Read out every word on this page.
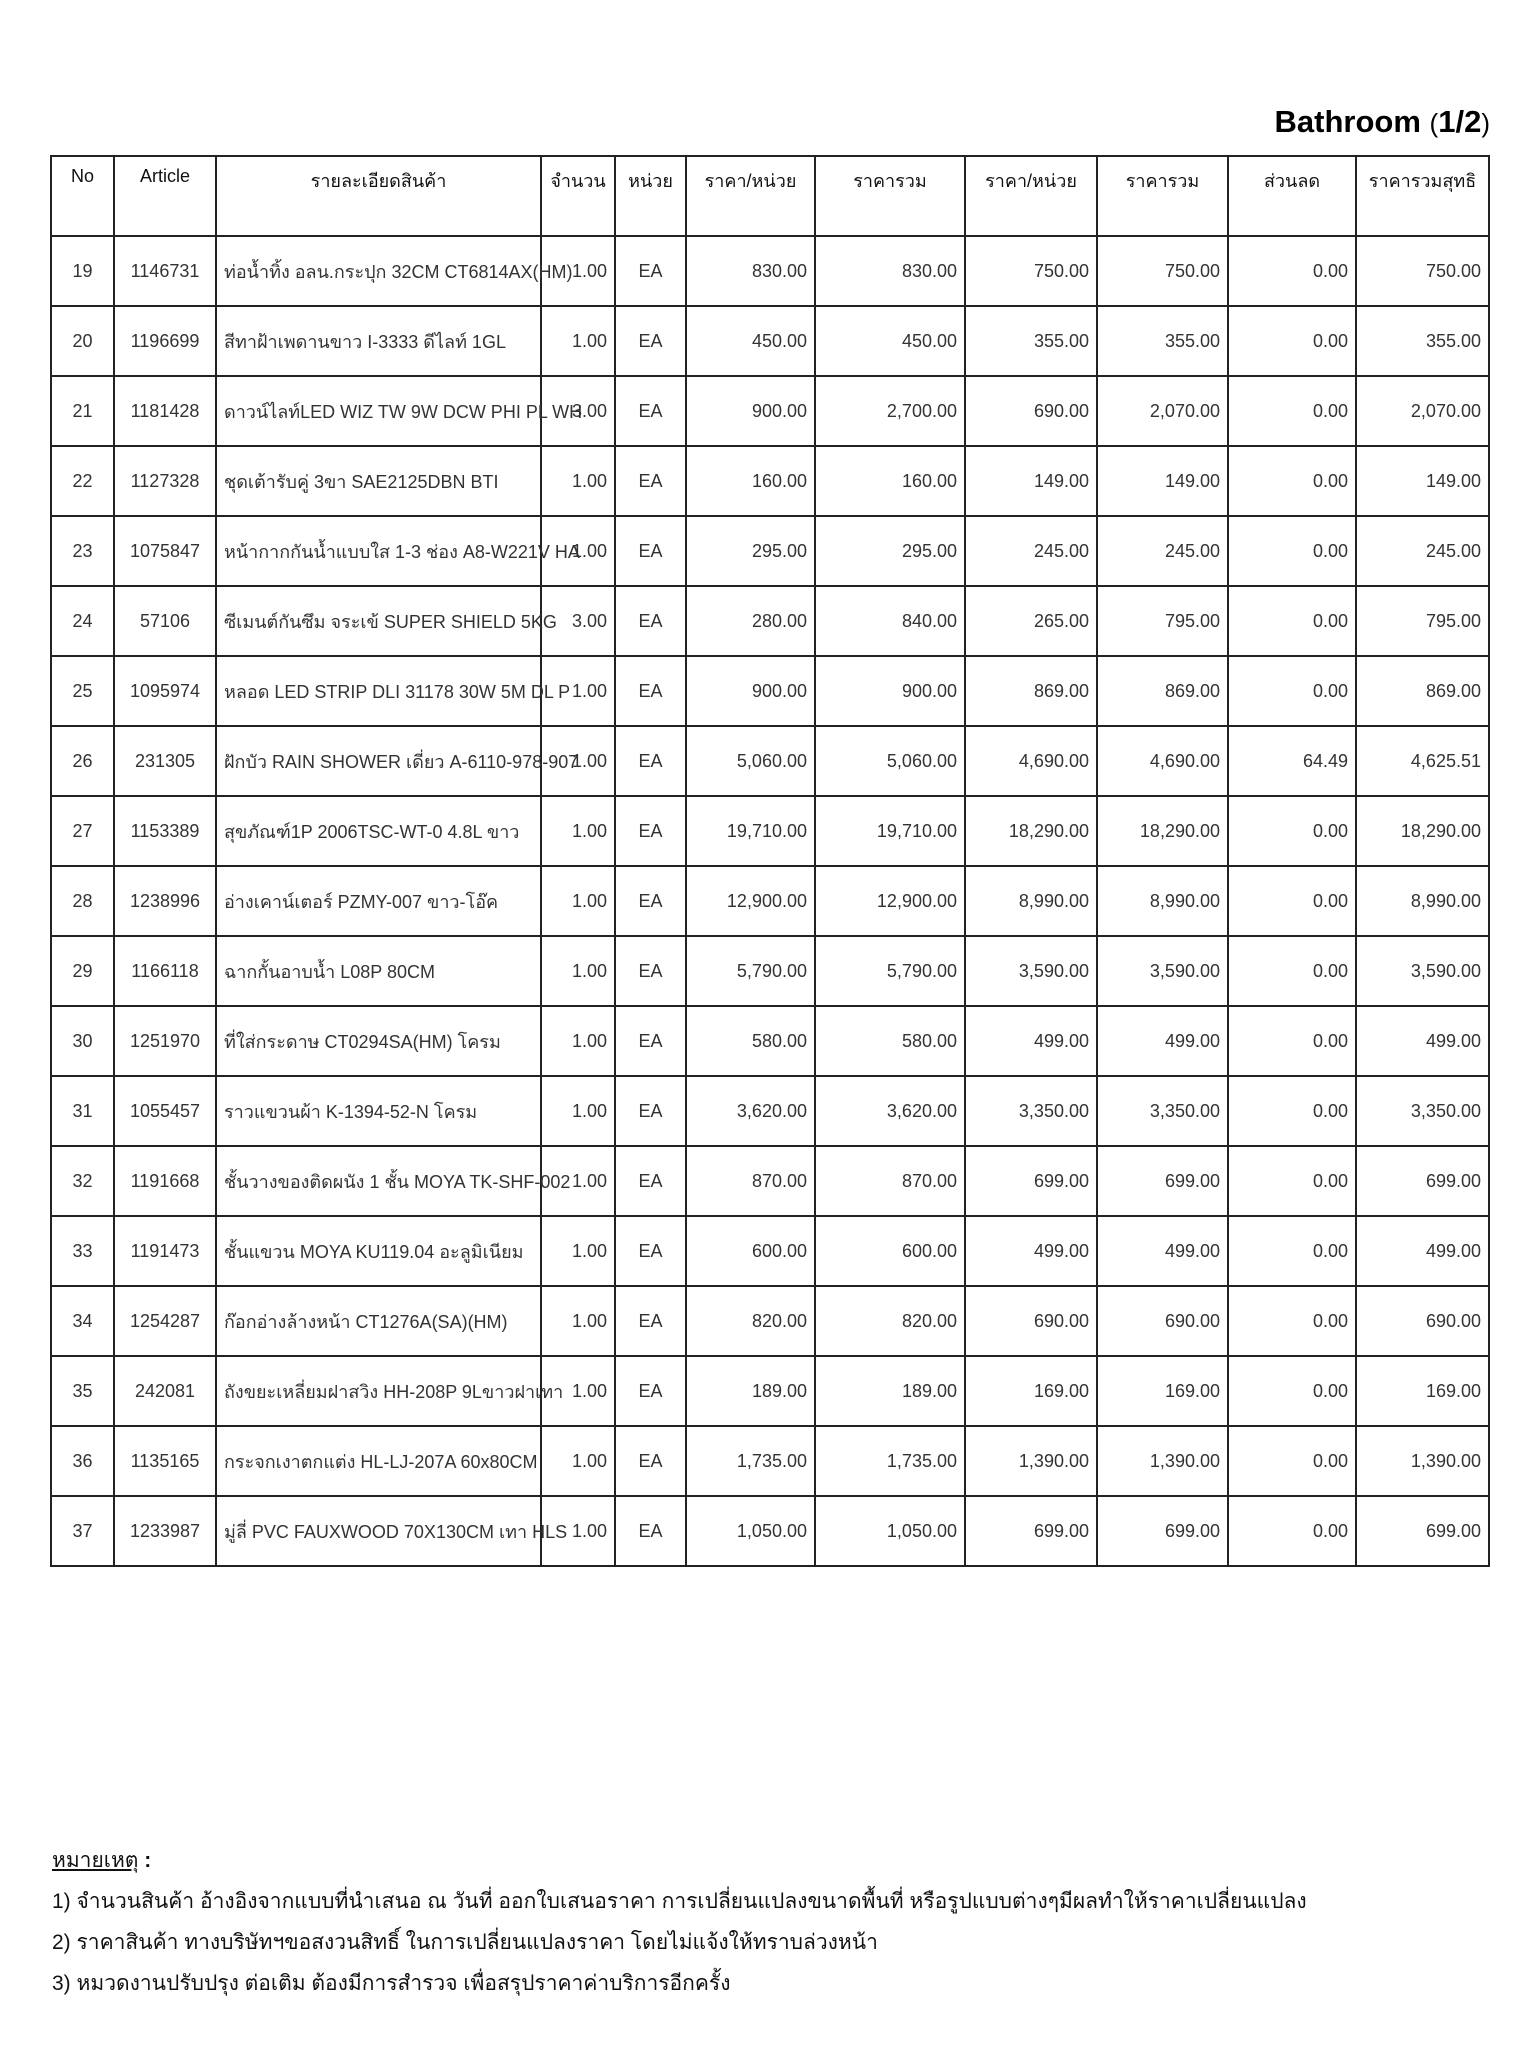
Bathroom (1/2)
No	Article	รายละเอียดสินค้า	จำนวน	หน่วย	ราคา/หน่วย	ราคารวม	ราคา/หน่วย	ราคารวม	ส่วนลด	ราคารวมสุทธิ
19	1146731	ท่อน้ำทิ้ง อลน.กระปุก 32CM CT6814AX(HM)	1.00	EA	830.00	830.00	750.00	750.00	0.00	750.00
20	1196699	สีทาฝ้าเพดานขาว I-3333 ดีไลท์ 1GL	1.00	EA	450.00	450.00	355.00	355.00	0.00	355.00
21	1181428	ดาวน์ไลท์LED WIZ TW 9W DCW PHI PL WH	3.00	EA	900.00	2,700.00	690.00	2,070.00	0.00	2,070.00
22	1127328	ชุดเต้ารับคู่ 3ขา SAE2125DBN BTI	1.00	EA	160.00	160.00	149.00	149.00	0.00	149.00
23	1075847	หน้ากากกันน้ำแบบใส 1-3 ช่อง A8-W221V HA	1.00	EA	295.00	295.00	245.00	245.00	0.00	245.00
24	57106	ซีเมนต์กันซึม จระเข้ SUPER SHIELD 5KG	3.00	EA	280.00	840.00	265.00	795.00	0.00	795.00
25	1095974	หลอด LED STRIP DLI 31178 30W 5M DL P	1.00	EA	900.00	900.00	869.00	869.00	0.00	869.00
26	231305	ฝักบัว RAIN SHOWER เดี่ยว A-6110-978-907	1.00	EA	5,060.00	5,060.00	4,690.00	4,690.00	64.49	4,625.51
27	1153389	สุขภัณฑ์1P 2006TSC-WT-0 4.8L ขาว	1.00	EA	19,710.00	19,710.00	18,290.00	18,290.00	0.00	18,290.00
28	1238996	อ่างเคาน์เตอร์ PZMY-007 ขาว-โอ๊ค	1.00	EA	12,900.00	12,900.00	8,990.00	8,990.00	0.00	8,990.00
29	1166118	ฉากกั้นอาบน้ำ L08P 80CM	1.00	EA	5,790.00	5,790.00	3,590.00	3,590.00	0.00	3,590.00
30	1251970	ที่ใส่กระดาษ CT0294SA(HM) โครม	1.00	EA	580.00	580.00	499.00	499.00	0.00	499.00
31	1055457	ราวแขวนผ้า K-1394-52-N โครม	1.00	EA	3,620.00	3,620.00	3,350.00	3,350.00	0.00	3,350.00
32	1191668	ชั้นวางของติดผนัง 1 ชั้น MOYA TK-SHF-002	1.00	EA	870.00	870.00	699.00	699.00	0.00	699.00
33	1191473	ชั้นแขวน MOYA KU119.04 อะลูมิเนียม	1.00	EA	600.00	600.00	499.00	499.00	0.00	499.00
34	1254287	ก๊อกอ่างล้างหน้า CT1276A(SA)(HM)	1.00	EA	820.00	820.00	690.00	690.00	0.00	690.00
35	242081	ถังขยะเหลี่ยมฝาสวิง HH-208P 9Lขาวฝาเทา	1.00	EA	189.00	189.00	169.00	169.00	0.00	169.00
36	1135165	กระจกเงาตกแต่ง HL-LJ-207A 60x80CM	1.00	EA	1,735.00	1,735.00	1,390.00	1,390.00	0.00	1,390.00
37	1233987	มู่ลี่ PVC FAUXWOOD 70X130CM เทา HLS	1.00	EA	1,050.00	1,050.00	699.00	699.00	0.00	699.00
หมายเหตุ :
1) จำนวนสินค้า อ้างอิงจากแบบที่นำเสนอ ณ วันที่ ออกใบเสนอราคา การเปลี่ยนแปลงขนาดพื้นที่ หรือรูปแบบต่างๆมีผลทำให้ราคาเปลี่ยนแปลง
2) ราคาสินค้า ทางบริษัทฯขอสงวนสิทธิ์ ในการเปลี่ยนแปลงราคา โดยไม่แจ้งให้ทราบล่วงหน้า
3) หมวดงานปรับปรุง ต่อเติม ต้องมีการสำรวจ เพื่อสรุปราคาค่าบริการอีกครั้ง
